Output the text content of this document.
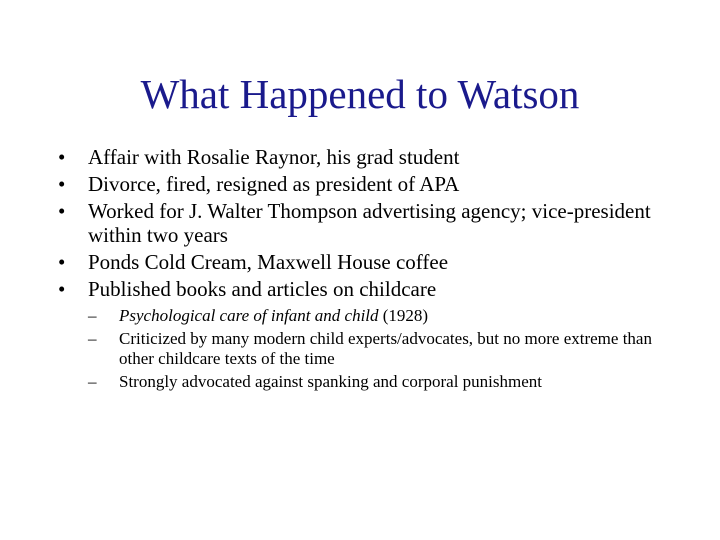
What Happened to Watson
• Affair with Rosalie Raynor, his grad student
• Divorce, fired, resigned as president of APA
• Worked for J. Walter Thompson advertising agency; vice-president within two years
• Ponds Cold Cream, Maxwell House coffee
• Published books and articles on childcare
– Psychological care of infant and child (1928)
– Criticized by many modern child experts/advocates, but no more extreme than other childcare texts of the time
– Strongly advocated against spanking and corporal punishment
